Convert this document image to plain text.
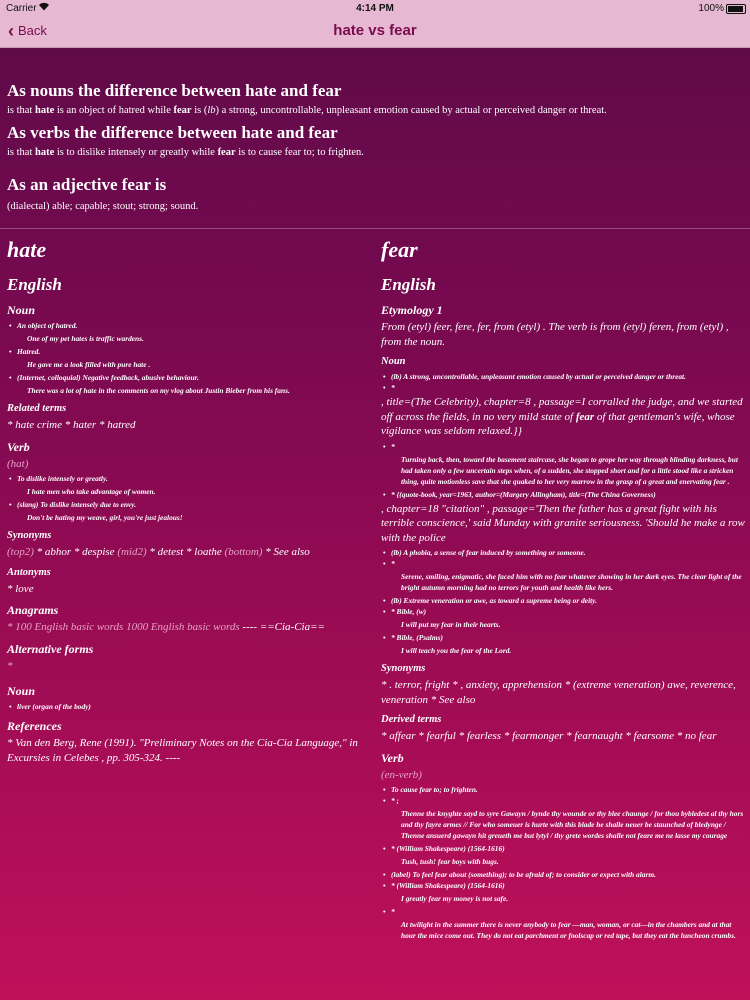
Carrier	4:14 PM	100%
‹ Back	hate vs fear
As nouns the difference between hate and fear

is that hate is an object of hatred while fear is (lb) a strong, uncontrollable, unpleasant emotion caused by actual or perceived danger or threat.

As verbs the difference between hate and fear

is that hate is to dislike intensely or greatly while fear is to cause fear to; to frighten.

As an adjective fear is

(dialectal) able; capable; stout; strong; sound.

hate
English
Noun
• An object of hatred.
One of my pet hates is traffic wardens.
• Hatred.
He gave me a look filled with pure hate .
• (Internet, colloquial) Negative feedback, abusive behaviour.
There was a lot of hate in the comments on my vlog about Justin Bieber from his fans.
Related terms
* hate crime * hater * hatred
Verb
(hat)
• To dislike intensely or greatly.
I hate men who take advantage of women.
• (slang) To dislike intensely due to envy.
Don't be hating my weave, girl, you're just jealous!
Synonyms
(top2) * abhor * despise (mid2) * detest * loathe (bottom) * See also
Antonyms
* love
Anagrams
* 100 English basic words 1000 English basic words ---- ==Cia-Cia==
Alternative forms
*
Noun
• liver (organ of the body)
References
* Van den Berg, Rene (1991). "Preliminary Notes on the Cia-Cia Language," in Excursies in Celebes , pp. 305-324. ----
fear
English
Etymology 1
From (etyl) feer, fere, fer, from (etyl) . The verb is from (etyl) feren, from (etyl) , from the noun.
Noun
• (lb) A strong, uncontrollable, unpleasant emotion caused by actual or perceived danger or threat.
• *
, title=(The Celebrity), chapter=8 , passage=I corralled the judge, and we started off across the fields, in no very mild state of fear of that gentleman's wife, whose vigilance was seldom relaxed.}}
• *
Turning back, then, toward the basement staircase, she began to grope her way through blinding darkness, but had taken only a few uncertain steps when, of a sudden, she stopped short and for a little stood like a stricken thing, quite motionless save that she quaked to her very marrow in the grasp of a great and enervating fear .
• * {{quote-book, year=1963, author=(Margery Allingham), title=(The China Governess)
, chapter=18 "citation" , passage='Then the father has a great fight with his terrible conscience,' said Munday with granite seriousness. 'Should he make a row with the police
• (lb) A phobia, a sense of fear induced by something or someone.
• *
Serene, smiling, enigmatic, she faced him with no fear whatever showing in her dark eyes. The clear light of the bright autumn morning had no terrors for youth and health like hers.
• (lb) Extreme veneration or awe, as toward a supreme being or deity.
• * Bible, (w)
I will put my fear in their hearts.
• * Bible, (Psalms)
I will teach you the fear of the Lord.
Synonyms
* . terror, fright * , anxiety, apprehension * (extreme veneration) awe, reverence, veneration * See also
Derived terms
* affear * fearful * fearless * fearmonger * fearnaught * fearsome * no fear
Verb
(en-verb)
• To cause fear to; to frighten.
• * ;
Thenne the knyghte sayd to syre Gawayn / bynde thy wounde or thy blee chaunge / for thou bybledest al thy hors and thy fayre armes // For who someuer is hurte with this blade he shalle neuer be staunched of bledynge / Thenne ansuerd gawayn hit greueth me but lytyl / thy grete wordes shalle not feare me ne lasse my courage
• * (William Shakespeare) (1564-1616)
Tush, tush! fear boys with bugs.
• (label) To feel fear about (something); to be afraid of; to consider or expect with alarm.
• * (William Shakespeare) (1564-1616)
I greatly fear my money is not safe.
• *
At twilight in the summer there is never anybody to fear —man, woman, or cat—in the chambers and at that hour the mice come out. They do not eat parchment or foolscap or red tape, but they eat the luncheon crumbs.
